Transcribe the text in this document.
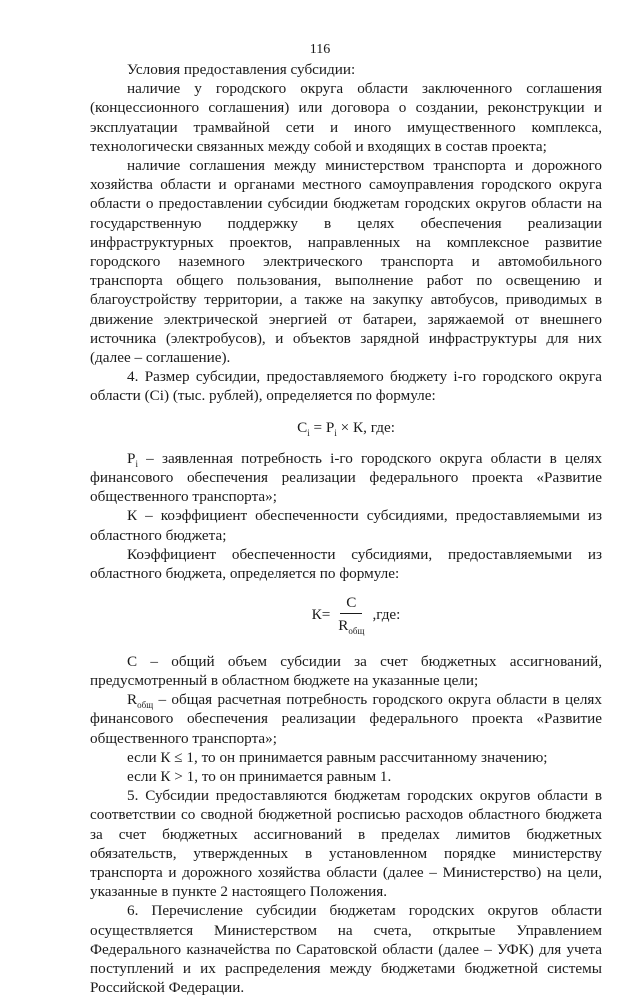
116

Условия предоставления субсидии:

наличие у городского округа области заключенного соглашения (концессионного соглашения) или договора о создании, реконструкции и эксплуатации трамвайной сети и иного имущественного комплекса, технологически связанных между собой и входящих в состав проекта;

наличие соглашения между министерством транспорта и дорожного хозяйства области и органами местного самоуправления городского округа области о предоставлении субсидии бюджетам городских округов области на государственную поддержку в целях обеспечения реализации инфраструктурных проектов, направленных на комплексное развитие городского наземного электрического транспорта и автомобильного транспорта общего пользования, выполнение работ по освещению и благоустройству территории, а также на закупку автобусов, приводимых в движение электрической энергией от батареи, заряжаемой от внешнего источника (электробусов), и объектов зарядной инфраструктуры для них (далее – соглашение).

4. Размер субсидии, предоставляемого бюджету i-го городского округа области (Ci) (тыс. рублей), определяется по формуле:

$C_i = P_i \times К$, где:

$P_i$ – заявленная потребность i-го городского округа области в целях финансового обеспечения реализации федерального проекта «Развитие общественного транспорта»;

К – коэффициент обеспеченности субсидиями, предоставляемыми из областного бюджета;

Коэффициент обеспеченности субсидиями, предоставляемыми из областного бюджета, определяется по формуле:

$К= \frac{C}{R_{общ}} ,где$:

С – общий объем субсидии за счет бюджетных ассигнований, предусмотренный в областном бюджете на указанные цели;

$R_{общ}$ – общая расчетная потребность городского округа области в целях финансового обеспечения реализации федерального проекта «Развитие общественного транспорта»;

если К ≤ 1, то он принимается равным рассчитанному значению;

если К > 1, то он принимается равным 1.

5. Субсидии предоставляются бюджетам городских округов области в соответствии со сводной бюджетной росписью расходов областного бюджета за счет бюджетных ассигнований в пределах лимитов бюджетных обязательств, утвержденных в установленном порядке министерству транспорта и дорожного хозяйства области (далее – Министерство) на цели, указанные в пункте 2 настоящего Положения.

6. Перечисление субсидии бюджетам городских округов области осуществляется Министерством на счета, открытые Управлением Федерального казначейства по Саратовской области (далее – УФК) для учета поступлений и их распределения между бюджетами бюджетной системы Российской Федерации.
